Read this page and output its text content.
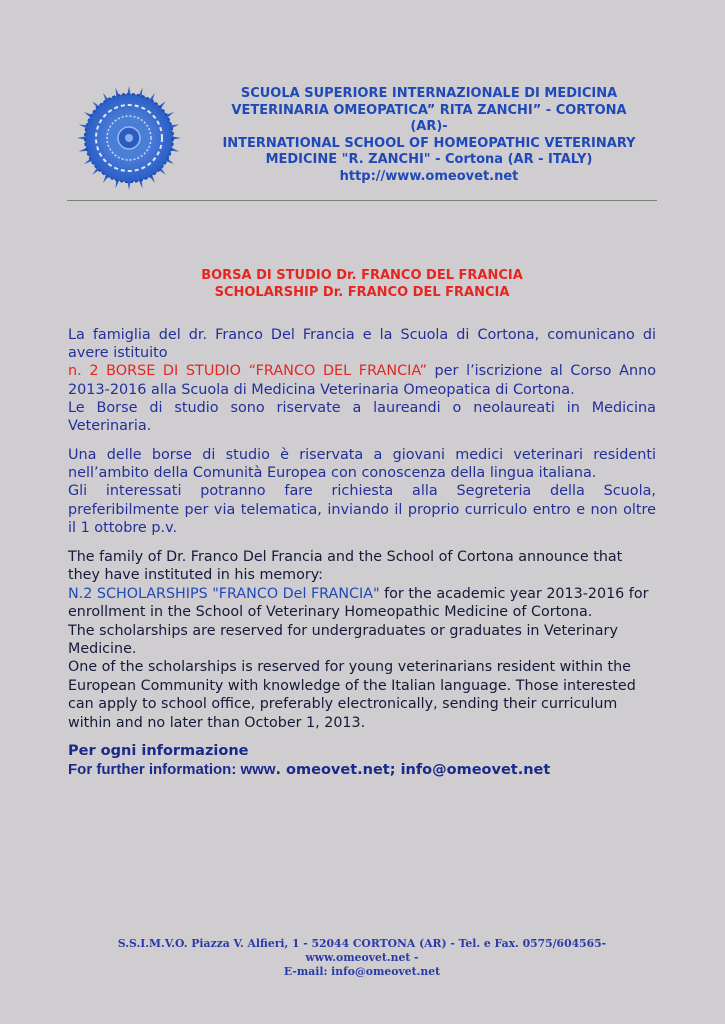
SCUOLA SUPERIORE INTERNAZIONALE DI MEDICINA
VETERINARIA OMEOPATICA” RITA ZANCHI” - CORTONA
(AR)-
INTERNATIONAL SCHOOL OF HOMEOPATHIC VETERINARY
MEDICINE "R. ZANCHI" - Cortona (AR - ITALY)
http://www.omeovet.net
BORSA DI STUDIO Dr. FRANCO DEL FRANCIA
SCHOLARSHIP Dr. FRANCO DEL FRANCIA
La famiglia del dr. Franco Del Francia e la Scuola di Cortona, comunicano di avere istituito
n. 2 BORSE DI STUDIO “FRANCO DEL FRANCIA” per l’iscrizione al Corso Anno 2013-2016 alla Scuola di Medicina Veterinaria Omeopatica di Cortona.
Le Borse di studio sono riservate a laureandi o neolaureati in Medicina Veterinaria.
Una delle borse di studio è riservata a giovani medici veterinari residenti nell’ambito della Comunità Europea con conoscenza della lingua italiana.
Gli interessati potranno fare richiesta alla Segreteria della Scuola, preferibilmente per via telematica, inviando il proprio curriculo entro e non oltre il 1 ottobre p.v.
The family of Dr. Franco Del Francia and the School of Cortona announce that they have instituted in his memory:
N.2 SCHOLARSHIPS "FRANCO Del FRANCIA" for the academic year 2013-2016 for enrollment in the School of Veterinary Homeopathic Medicine of Cortona.
The scholarships are reserved for undergraduates or graduates in Veterinary Medicine.
One of the scholarships is reserved for young veterinarians resident within the European Community with knowledge of the Italian language. Those interested can apply to school office, preferably electronically, sending their curriculum within and no later than October 1, 2013.
Per ogni informazione
For further information: www. omeovet.net; info@omeovet.net
S.S.I.M.V.O. Piazza V. Alfieri, 1 - 52044 CORTONA (AR) - Tel. e Fax. 0575/604565- www.omeovet.net -
E-mail: info@omeovet.net
